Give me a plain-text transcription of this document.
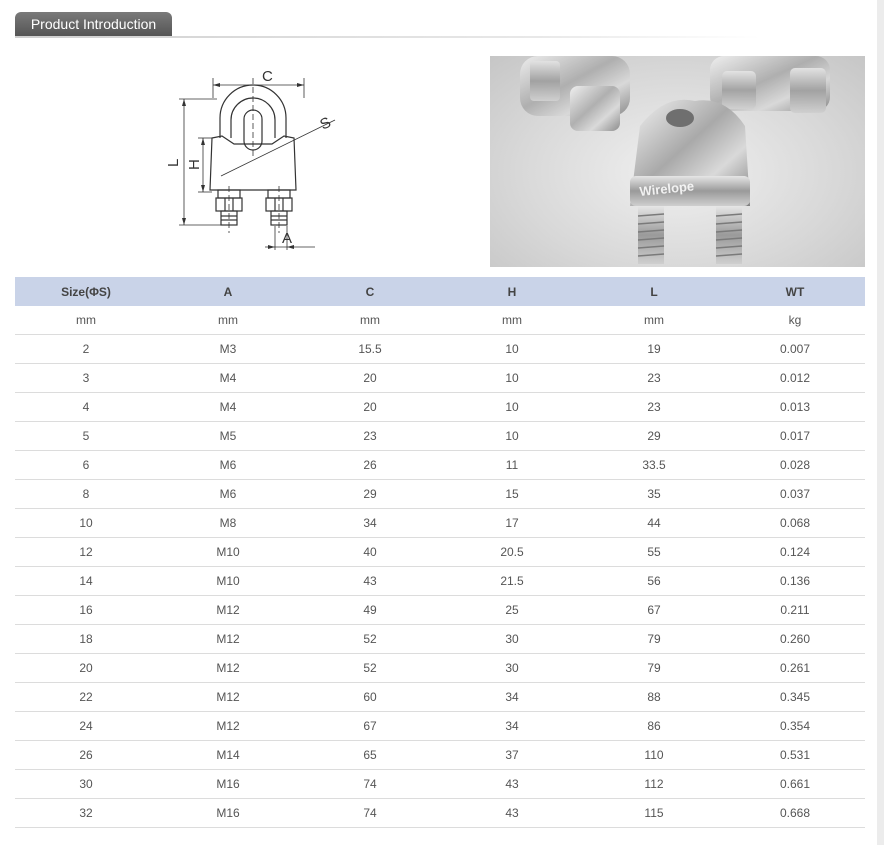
Product Introduction
C
S
L H
A
Wirelope
Size(ΦS)	A	C	H	L	WT
mm	mm	mm	mm	mm	kg
2	M3	15.5	10	19	0.007
3	M4	20	10	23	0.012
4	M4	20	10	23	0.013
5	M5	23	10	29	0.017
6	M6	26	11	33.5	0.028
8	M6	29	15	35	0.037
10	M8	34	17	44	0.068
12	M10	40	20.5	55	0.124
14	M10	43	21.5	56	0.136
16	M12	49	25	67	0.211
18	M12	52	30	79	0.260
20	M12	52	30	79	0.261
22	M12	60	34	88	0.345
24	M12	67	34	86	0.354
26	M14	65	37	110	0.531
30	M16	74	43	112	0.661
32	M16	74	43	115	0.668
